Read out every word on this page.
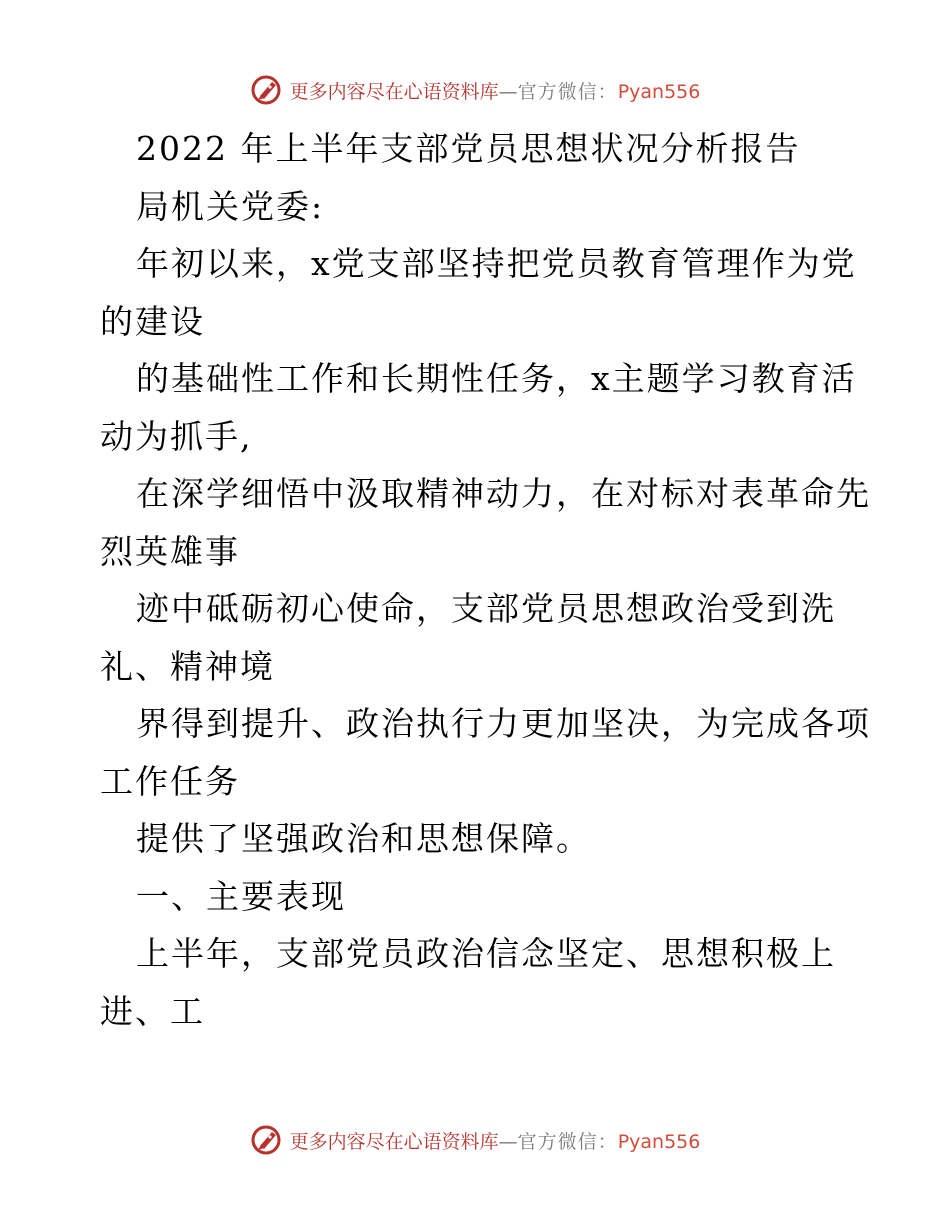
更多内容尽在心语资料库—官方微信：Pyan556
2022 年上半年支部党员思想状况分析报告
局机关党委:
年初以来，x党支部坚持把党员教育管理作为党
的建设
的基础性工作和长期性任务，x主题学习教育活
动为抓手,
在深学细悟中汲取精神动力，在对标对表革命先
烈英雄事
迹中砥砺初心使命，支部党员思想政治受到洗
礼、精神境
界得到提升、政治执行力更加坚决，为完成各项
工作任务
提供了坚强政治和思想保障。
一、主要表现
上半年，支部党员政治信念坚定、思想积极上
进、工
更多内容尽在心语资料库—官方微信：Pyan556
